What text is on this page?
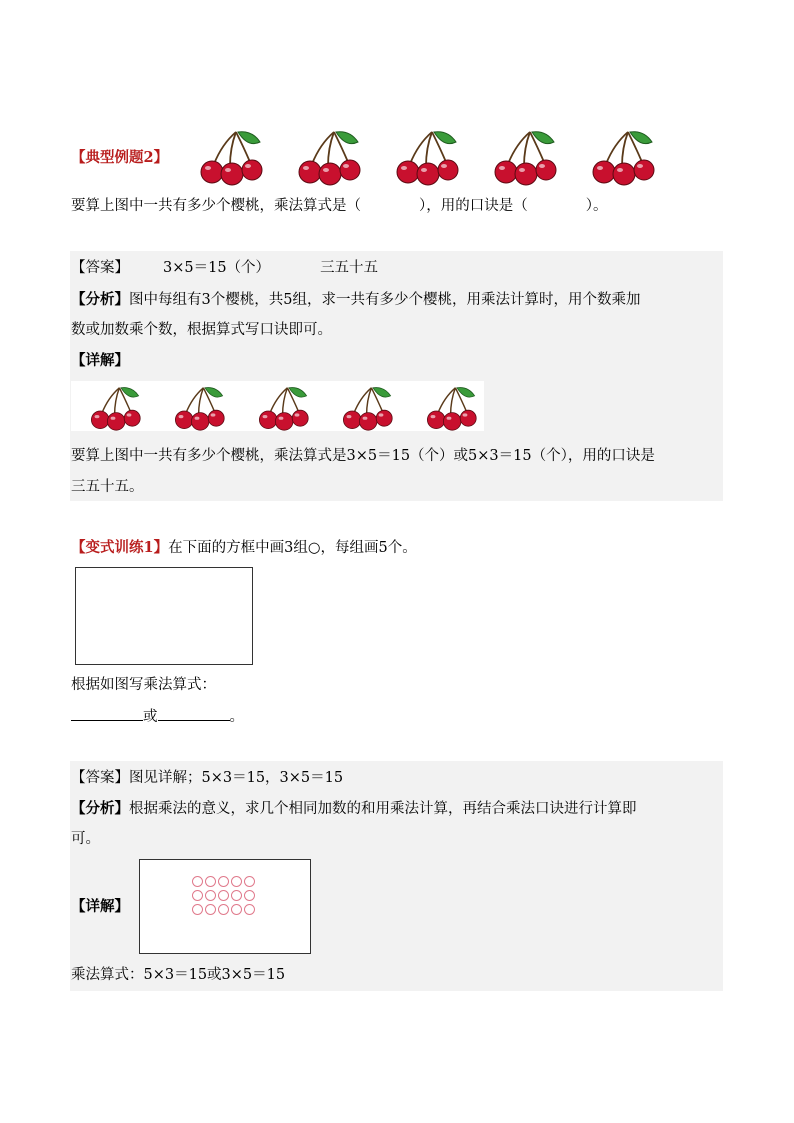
【典型例题2】
要算上图中一共有多少个樱桃，乘法算式是（　　　　），用的口诀是（　　　　）。
【答案】 3×5＝15（个）	三五十五
【分析】图中每组有3个樱桃，共5组，求一共有多少个樱桃，用乘法计算时，用个数乘加
数或加数乘个数，根据算式写口诀即可。
【详解】
要算上图中一共有多少个樱桃，乘法算式是3×5＝15（个）或5×3＝15（个），用的口诀是
三五十五。
【变式训练1】在下面的方框中画3组○，每组画5个。
根据如图写乘法算式：
或	。
【答案】图见详解；5×3＝15，3×5＝15
【分析】根据乘法的意义，求几个相同加数的和用乘法计算，再结合乘法口诀进行计算即
可。
【详解】
乘法算式：5×3＝15或3×5＝15
